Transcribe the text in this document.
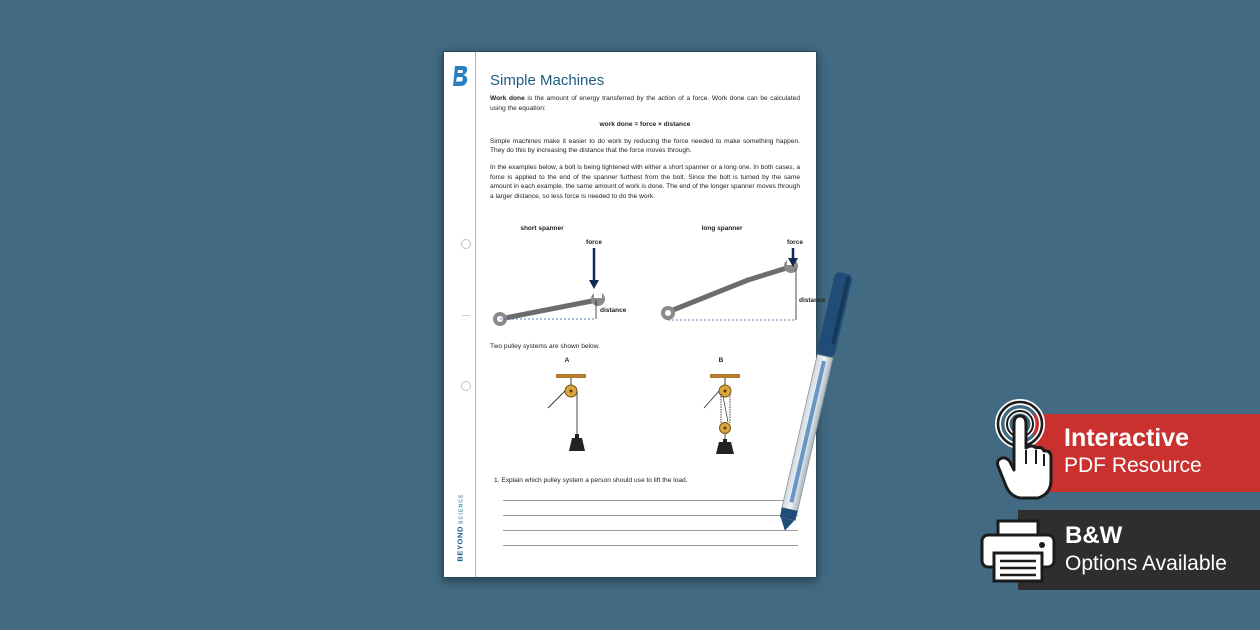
BEYONDSCIENCE
Simple Machines

Work done is the amount of energy transferred by the action of a force. Work done can be calculated using the equation:

work done = force × distance

Simple machines make it easier to do work by reducing the force needed to make something happen. They do this by increasing the distance that the force moves through.

In the examples below, a bolt is being tightened with either a short spanner or a long one. In both cases, a force is applied to the end of the spanner furthest from the bolt. Since the bolt is turned by the same amount in each example, the same amount of work is done. The end of the longer spanner moves through a larger distance, so less force is needed to do the work.

short spanner	long spanner
force
distance
force
distance
Two pulley systems are shown below.
A	B
1. Explain which pulley system a person should use to lift the load.
Interactive
PDF Resource
B&W
Options Available
